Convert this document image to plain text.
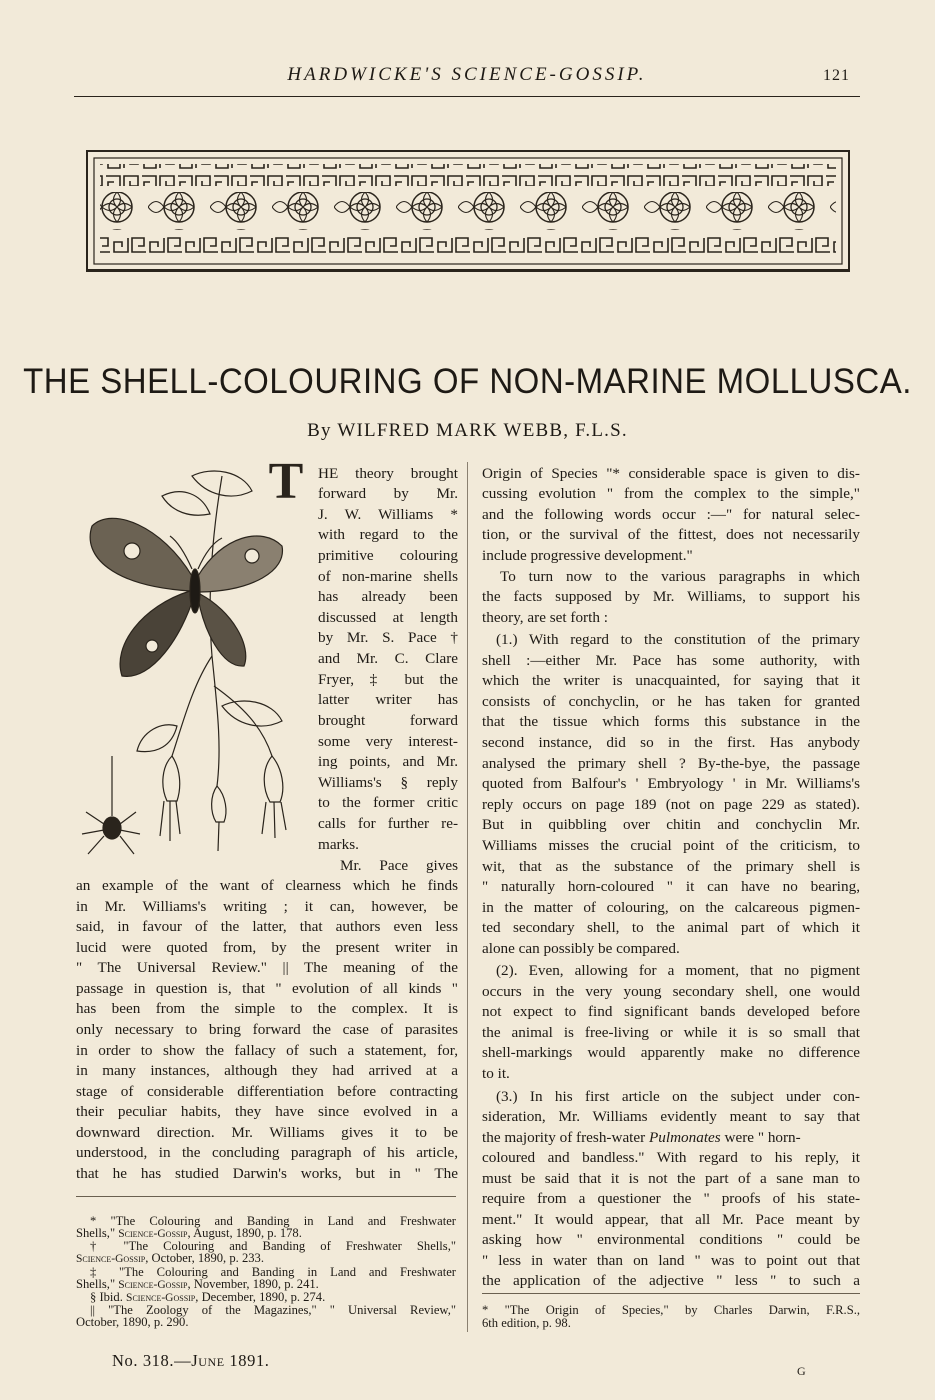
HARDWICKE'S SCIENCE-GOSSIP.	121
THE SHELL-COLOURING OF NON-MARINE MOLLUSCA.
By WILFRED MARK WEBB, F.L.S.
T HE theory brought
forward by Mr.
J. W. Williams *
with regard to the
primitive colouring
of non-marine shells
has already been
discussed at length
by Mr. S. Pace †
and Mr. C. Clare
Fryer, ‡ but the
latter writer has
brought forward
some very interest-
ing points, and Mr.
Williams's § reply
to the former critic
calls for further re-
marks.
Mr. Pace gives
an example of the want of clearness which he finds
in Mr. Williams's writing ; it can, however, be
said, in favour of the latter, that authors even less
lucid were quoted from, by the present writer in
" The Universal Review." || The meaning of the
passage in question is, that " evolution of all kinds "
has been from the simple to the complex. It is
only necessary to bring forward the case of parasites
in order to show the fallacy of such a statement, for,
in many instances, although they had arrived at a
stage of considerable differentiation before contracting
their peculiar habits, they have since evolved in a
downward direction. Mr. Williams gives it to be
understood, in the concluding paragraph of his article,
that he has studied Darwin's works, but in " The
Origin of Species "* considerable space is given to dis-
cussing evolution " from the complex to the simple,"
and the following words occur :—" for natural selec-
tion, or the survival of the fittest, does not necessarily
include progressive development."
To turn now to the various paragraphs in which
the facts supposed by Mr. Williams, to support his
theory, are set forth :
(1.) With regard to the constitution of the primary
shell :—either Mr. Pace has some authority, with
which the writer is unacquainted, for saying that it
consists of conchyclin, or he has taken for granted
that the tissue which forms this substance in the
second instance, did so in the first. Has anybody
analysed the primary shell ? By-the-bye, the passage
quoted from Balfour's ' Embryology ' in Mr. Williams's
reply occurs on page 189 (not on page 229 as stated).
But in quibbling over chitin and conchyclin Mr.
Williams misses the crucial point of the criticism, to
wit, that as the substance of the primary shell is
" naturally horn-coloured " it can have no bearing,
in the matter of colouring, on the calcareous pigmen-
ted secondary shell, to the animal part of which it
alone can possibly be compared.
(2). Even, allowing for a moment, that no pigment
occurs in the very young secondary shell, one would
not expect to find significant bands developed before
the animal is free-living or while it is so small that
shell-markings would apparently make no difference
to it.
(3.) In his first article on the subject under con-
sideration, Mr. Williams evidently meant to say that
the majority of fresh-water Pulmonates were " horn-
coloured and bandless." With regard to his reply, it
must be said that it is not the part of a sane man to
require from a questioner the " proofs of his state-
ment." It would appear, that all Mr. Pace meant by
asking how " environmental conditions " could be
" less in water than on land " was to point out that
the application of the adjective " less " to such a
* "The Colouring and Banding in Land and Freshwater
Shells," Science-Gossip, August, 1890, p. 178.
† "The Colouring and Banding of Freshwater Shells,"
Science-Gossip, October, 1890, p. 233.
‡ "The Colouring and Banding in Land and Freshwater
Shells," Science-Gossip, November, 1890, p. 241.
§ Ibid. Science-Gossip, December, 1890, p. 274.
|| "The Zoology of the Magazines," " Universal Review,"
October, 1890, p. 290.
* "The Origin of Species," by Charles Darwin, F.R.S.,
6th edition, p. 98.
No. 318.—June 1891.
G
